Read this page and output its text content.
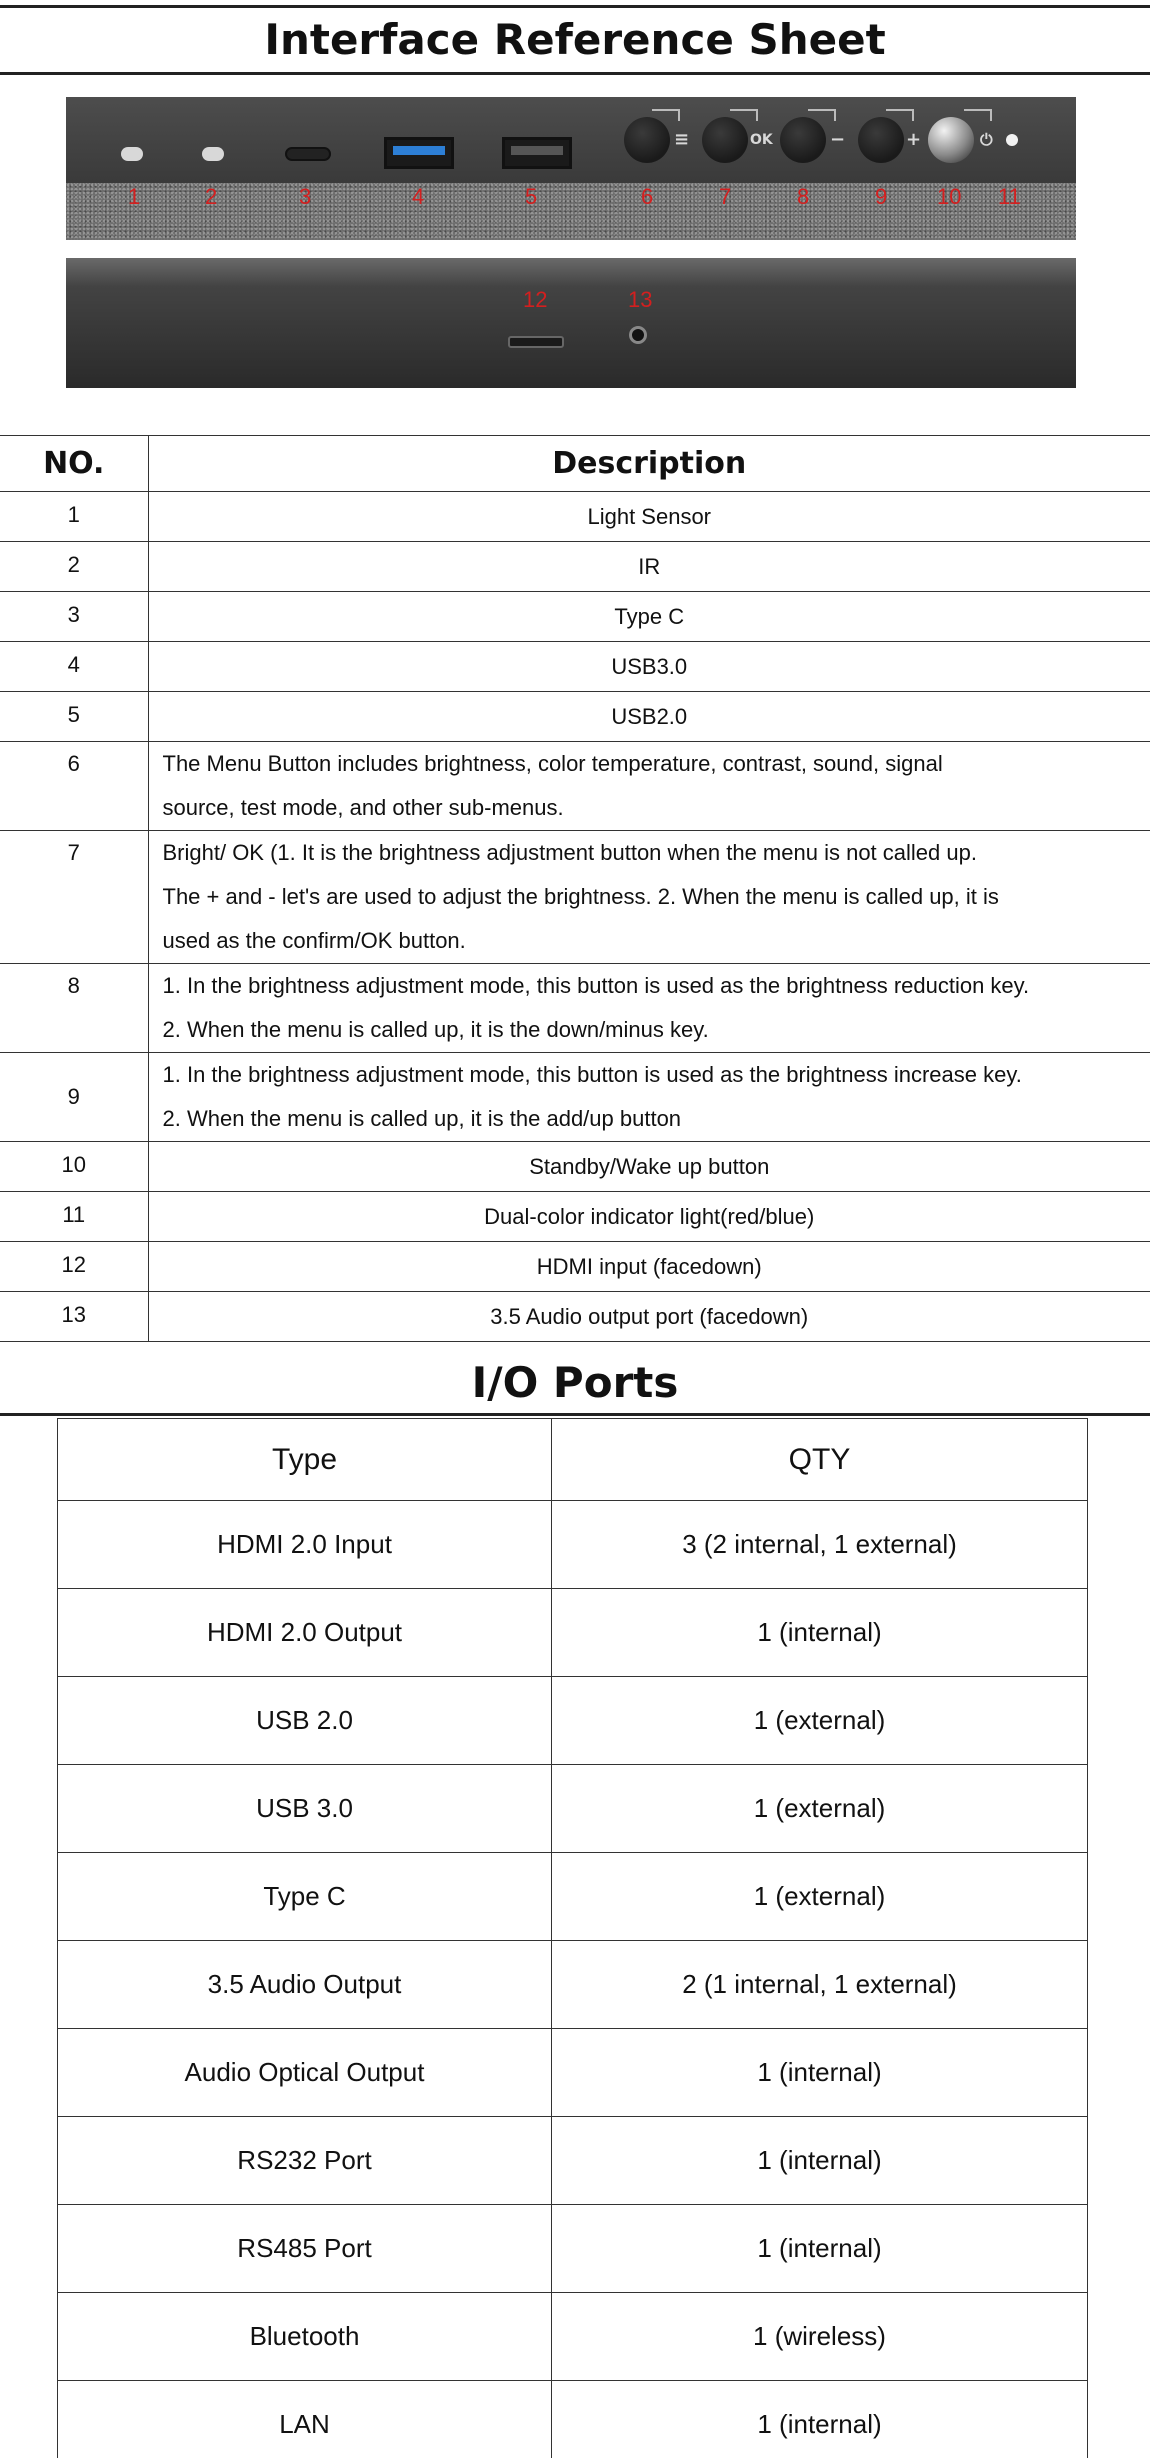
Interface Reference Sheet
≡	OK	−	+	⏻
1	2	3	4	5	6	7	8	9 10 11
12	13
NO.	Description
1	Light Sensor
2	IR
3	Type C
4	USB3.0
5	USB2.0
6	The Menu Button includes brightness, color temperature, contrast, sound, signal
source, test mode, and other sub-menus.

7	Bright/ OK (1. It is the brightness adjustment button when the menu is not called up.
The + and - let's are used to adjust the brightness. 2. When the menu is called up, it is
used as the confirm/OK button.

8	1. In the brightness adjustment mode, this button is used as the brightness reduction key.
2. When the menu is called up, it is the down/minus key.

9	1. In the brightness adjustment mode, this button is used as the brightness increase key.
2. When the menu is called up, it is the add/up button

10	Standby/Wake up button
11	Dual-color indicator light(red/blue)
12	HDMI input (facedown)
13	3.5 Audio output port (facedown)
I/O Ports
Type	QTY
HDMI 2.0 Input	3 (2 internal, 1 external)
HDMI 2.0 Output	1 (internal)
USB 2.0	1 (external)
USB 3.0	1 (external)
Type C	1 (external)
3.5 Audio Output	2 (1 internal, 1 external)
Audio Optical Output	1 (internal)
RS232 Port	1 (internal)
RS485 Port	1 (internal)
Bluetooth	1 (wireless)
LAN	1 (internal)
